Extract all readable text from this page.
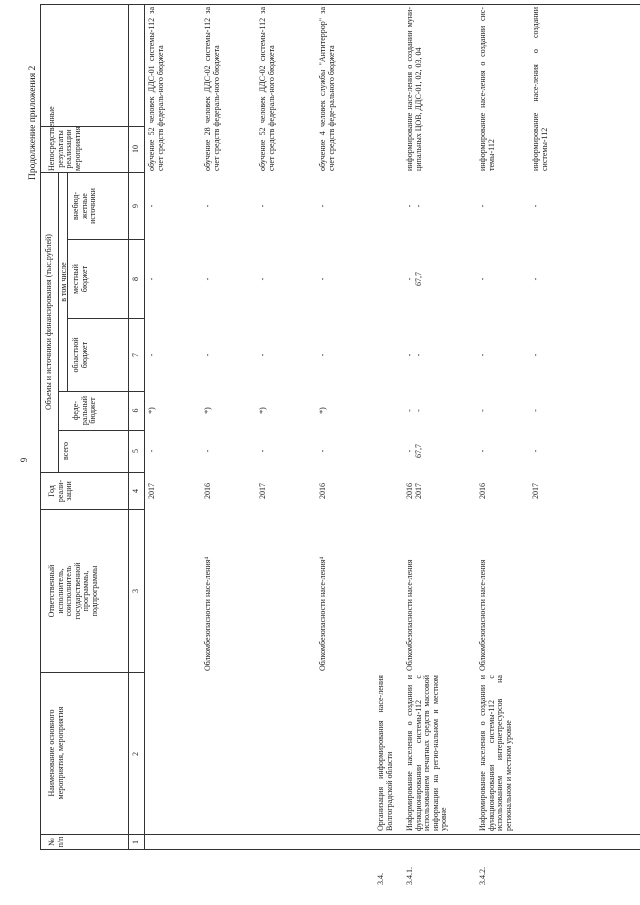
9
Продолжение приложения 2
№
п/п
Наименование основного
мероприятия, мероприятия
Ответственный
исполнитель,
соисполнитель
государственной
программы,
подпрограммы
Год
реали-
зации
Объемы и источники финансирования (тыс.рублей)
всего
в том числе
феде-
ральный
бюджет
областной
бюджет
местный
бюджет
внебюд-
жетные
источники
Непосредственные
результаты реализации
мероприятия
1
2
3
4
5
6
7
8
9
10
2017
-
*)
-
-
-
обучение 52 человек ДДС-01 системы-112 за счет средств федераль-ного бюджета
Облкомбезопасности насе-ления⁴
2016
-
*)
-
-
-
обучение 28 человек ДДС-02 системы-112 за счет средств федераль-ного бюджета
2017
-
*)
-
-
-
обучение 52 человек ДДС-02 системы-112 за счет средств федераль-ного бюджета
Облкомбезопасности насе-ления⁴
2016
-
*)
-
-
-
обучение 4 человек службы "Антитеррор" за счет средств феде-рального бюджета
3.4.
Организация информирования насе-ления Волгоградской области
3.4.1.
Информирование населения о создании и функционировании системы-112 с использованием печатных средств массовой информации на регио-нальном и местном уровне
Облкомбезопасности насе-ления
2016
2017
-
67,7
-
-
-
-
-
67,7
-
-
информирование насе-ления о создании муни-ципальных ЦОВ, ДДС-01, 02, 03, 04
3.4.2.
Информирование населения о создании и функционировании системы-112 с использованием интернетресурсов на региональном и местном уровне
Облкомбезопасности насе-ления
2016
-
-
-
-
-
информирование насе-ления о создании сис-темы-112
2017
-
-
-
-
-
информирование насе-ления о создании системы-112
